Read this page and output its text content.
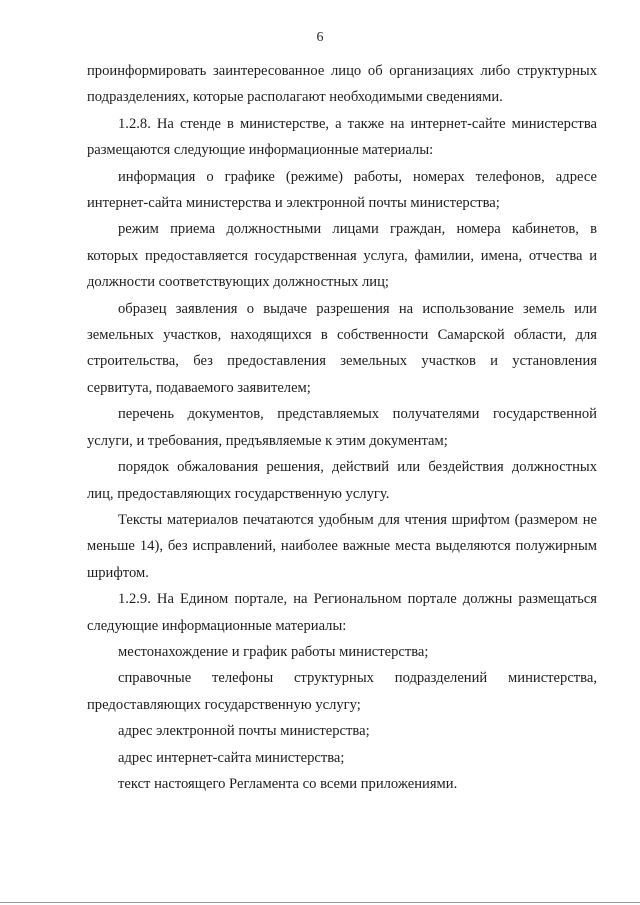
6

проинформировать заинтересованное лицо об организациях либо структурных подразделениях, которые располагают необходимыми сведениями.

1.2.8. На стенде в министерстве, а также на интернет-сайте министерства размещаются следующие информационные материалы:

информация о графике (режиме) работы, номерах телефонов, адресе интернет-сайта министерства и электронной почты министерства;

режим приема должностными лицами граждан, номера кабинетов, в которых предоставляется государственная услуга, фамилии, имена, отчества и должности соответствующих должностных лиц;

образец заявления о выдаче разрешения на использование земель или земельных участков, находящихся в собственности Самарской области, для строительства, без предоставления земельных участков и установления сервитута, подаваемого заявителем;

перечень документов, представляемых получателями государственной услуги, и требования, предъявляемые к этим документам;

порядок обжалования решения, действий или бездействия должностных лиц, предоставляющих государственную услугу.

Тексты материалов печатаются удобным для чтения шрифтом (размером не меньше 14), без исправлений, наиболее важные места выделяются полужирным шрифтом.

1.2.9. На Едином портале, на Региональном портале должны размещаться следующие информационные материалы:

местонахождение и график работы министерства;

справочные телефоны структурных подразделений министерства, предоставляющих государственную услугу;

адрес электронной почты министерства;

адрес интернет-сайта министерства;

текст настоящего Регламента со всеми приложениями.
